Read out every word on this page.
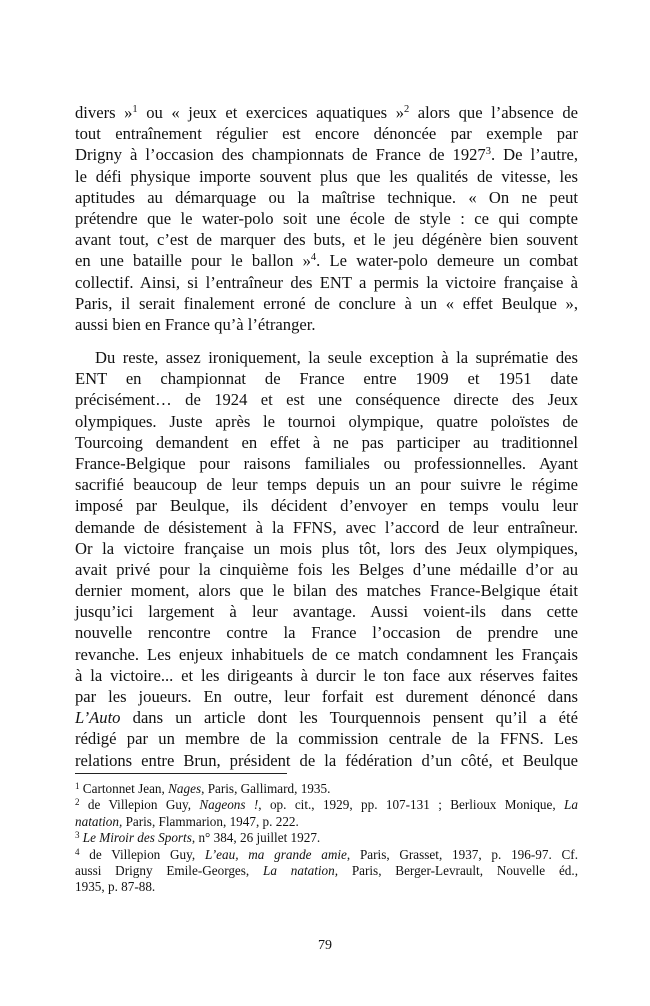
divers »$^1$ ou « jeux et exercices aquatiques »$^2$ alors que l’absence de
tout entraînement régulier est encore dénoncée par exemple par
Drigny à l’occasion des championnats de France de 1927$^3$. De l’autre,
le défi physique importe souvent plus que les qualités de vitesse, les
aptitudes au démarquage ou la maîtrise technique. « On ne peut
prétendre que le water-polo soit une école de style : ce qui compte
avant tout, c’est de marquer des buts, et le jeu dégénère bien souvent
en une bataille pour le ballon »$^4$. Le water-polo demeure un combat
collectif. Ainsi, si l’entraîneur des ENT a permis la victoire française à
Paris, il serait finalement erroné de conclure à un « effet Beulque »,
aussi bien en France qu’à l’étranger.
Du reste, assez ironiquement, la seule exception à la suprématie des
ENT en championnat de France entre 1909 et 1951 date
précisément… de 1924 et est une conséquence directe des Jeux
olympiques. Juste après le tournoi olympique, quatre poloïstes de
Tourcoing demandent en effet à ne pas participer au traditionnel
France-Belgique pour raisons familiales ou professionnelles. Ayant
sacrifié beaucoup de leur temps depuis un an pour suivre le régime
imposé par Beulque, ils décident d’envoyer en temps voulu leur
demande de désistement à la FFNS, avec l’accord de leur entraîneur.
Or la victoire française un mois plus tôt, lors des Jeux olympiques,
avait privé pour la cinquième fois les Belges d’une médaille d’or au
dernier moment, alors que le bilan des matches France-Belgique était
jusqu’ici largement à leur avantage. Aussi voient-ils dans cette
nouvelle rencontre contre la France l’occasion de prendre une
revanche. Les enjeux inhabituels de ce match condamnent les Français
à la victoire... et les dirigeants à durcir le ton face aux réserves faites
par les joueurs. En outre, leur forfait est durement dénoncé dans
L’Auto dans un article dont les Tourquennois pensent qu’il a été
rédigé par un membre de la commission centrale de la FFNS. Les
relations entre Brun, président de la fédération d’un côté, et Beulque
$^1$ Cartonnet Jean, Nages, Paris, Gallimard, 1935.
$^2$ de Villepion Guy, Nageons !, op. cit., 1929, pp. 107-131 ; Berlioux Monique, La
natation, Paris, Flammarion, 1947, p. 222.
$^3$ Le Miroir des Sports, n° 384, 26 juillet 1927.
$^4$ de Villepion Guy, L’eau, ma grande amie, Paris, Grasset, 1937, p. 196-97. Cf.
aussi Drigny Emile-Georges, La natation, Paris, Berger-Levrault, Nouvelle éd.,
1935, p. 87-88.
79
